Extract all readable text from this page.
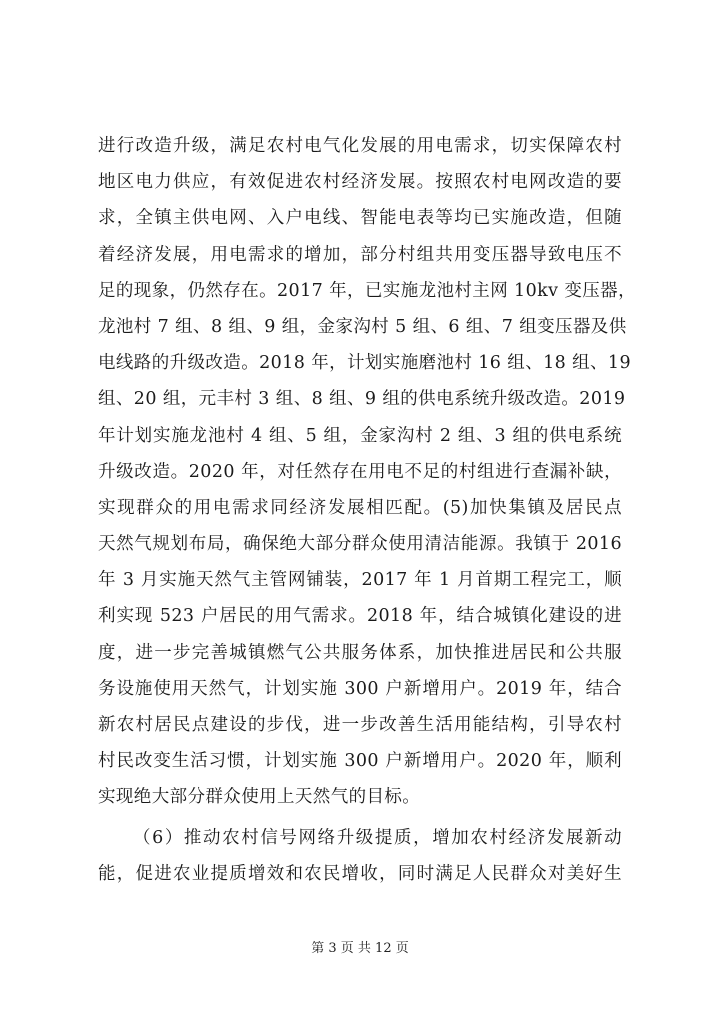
进行改造升级，满足农村电气化发展的用电需求，切实保障农村
地区电力供应，有效促进农村经济发展。按照农村电网改造的要
求，全镇主供电网、入户电线、智能电表等均已实施改造，但随
着经济发展，用电需求的增加，部分村组共用变压器导致电压不
足的现象，仍然存在。2017 年，已实施龙池村主网 10kv 变压器，
龙池村 7 组、8 组、9 组，金家沟村 5 组、6 组、7 组变压器及供
电线路的升级改造。2018 年，计划实施磨池村 16 组、18 组、19
组、20 组，元丰村 3 组、8 组、9 组的供电系统升级改造。2019
年计划实施龙池村 4 组、5 组，金家沟村 2 组、3 组的供电系统
升级改造。2020 年，对任然存在用电不足的村组进行查漏补缺，
实现群众的用电需求同经济发展相匹配。(5)加快集镇及居民点
天然气规划布局，确保绝大部分群众使用清洁能源。我镇于 2016
年 3 月实施天然气主管网铺装，2017 年 1 月首期工程完工，顺
利实现 523 户居民的用气需求。2018 年，结合城镇化建设的进
度，进一步完善城镇燃气公共服务体系，加快推进居民和公共服
务设施使用天然气，计划实施 300 户新增用户。2019 年，结合
新农村居民点建设的步伐，进一步改善生活用能结构，引导农村
村民改变生活习惯，计划实施 300 户新增用户。2020 年，顺利
实现绝大部分群众使用上天然气的目标。
（6）推动农村信号网络升级提质，增加农村经济发展新动
能，促进农业提质增效和农民增收，同时满足人民群众对美好生
第 3 页 共 12 页
